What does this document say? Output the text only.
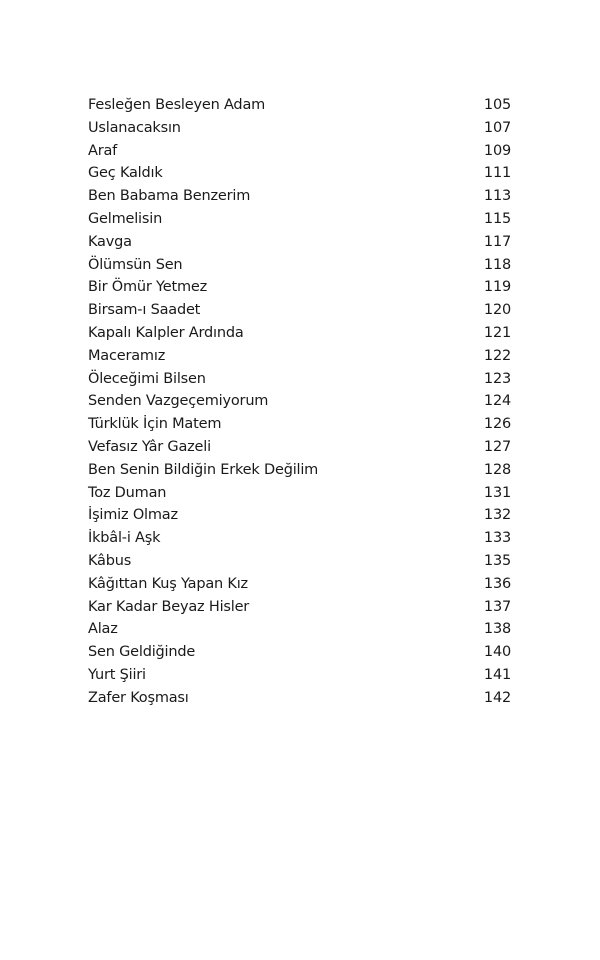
Fesleğen Besleyen Adam	105
Uslanacaksın	107
Araf	109
Geç Kaldık	111
Ben Babama Benzerim	113
Gelmelisin	115
Kavga	117
Ölümsün Sen	118
Bir Ömür Yetmez	119
Birsam-ı Saadet	120
Kapalı Kalpler Ardında	121
Maceramız	122
Öleceğimi Bilsen	123
Senden Vazgeçemiyorum	124
Türklük İçin Matem	126
Vefasız Yâr Gazeli	127
Ben Senin Bildiğin Erkek Değilim	128
Toz Duman	131
İşimiz Olmaz	132
İkbâl-i Aşk	133
Kâbus	135
Kâğıttan Kuş Yapan Kız	136
Kar Kadar Beyaz Hisler	137
Alaz	138
Sen Geldiğinde	140
Yurt Şiiri	141
Zafer Koşması	142
